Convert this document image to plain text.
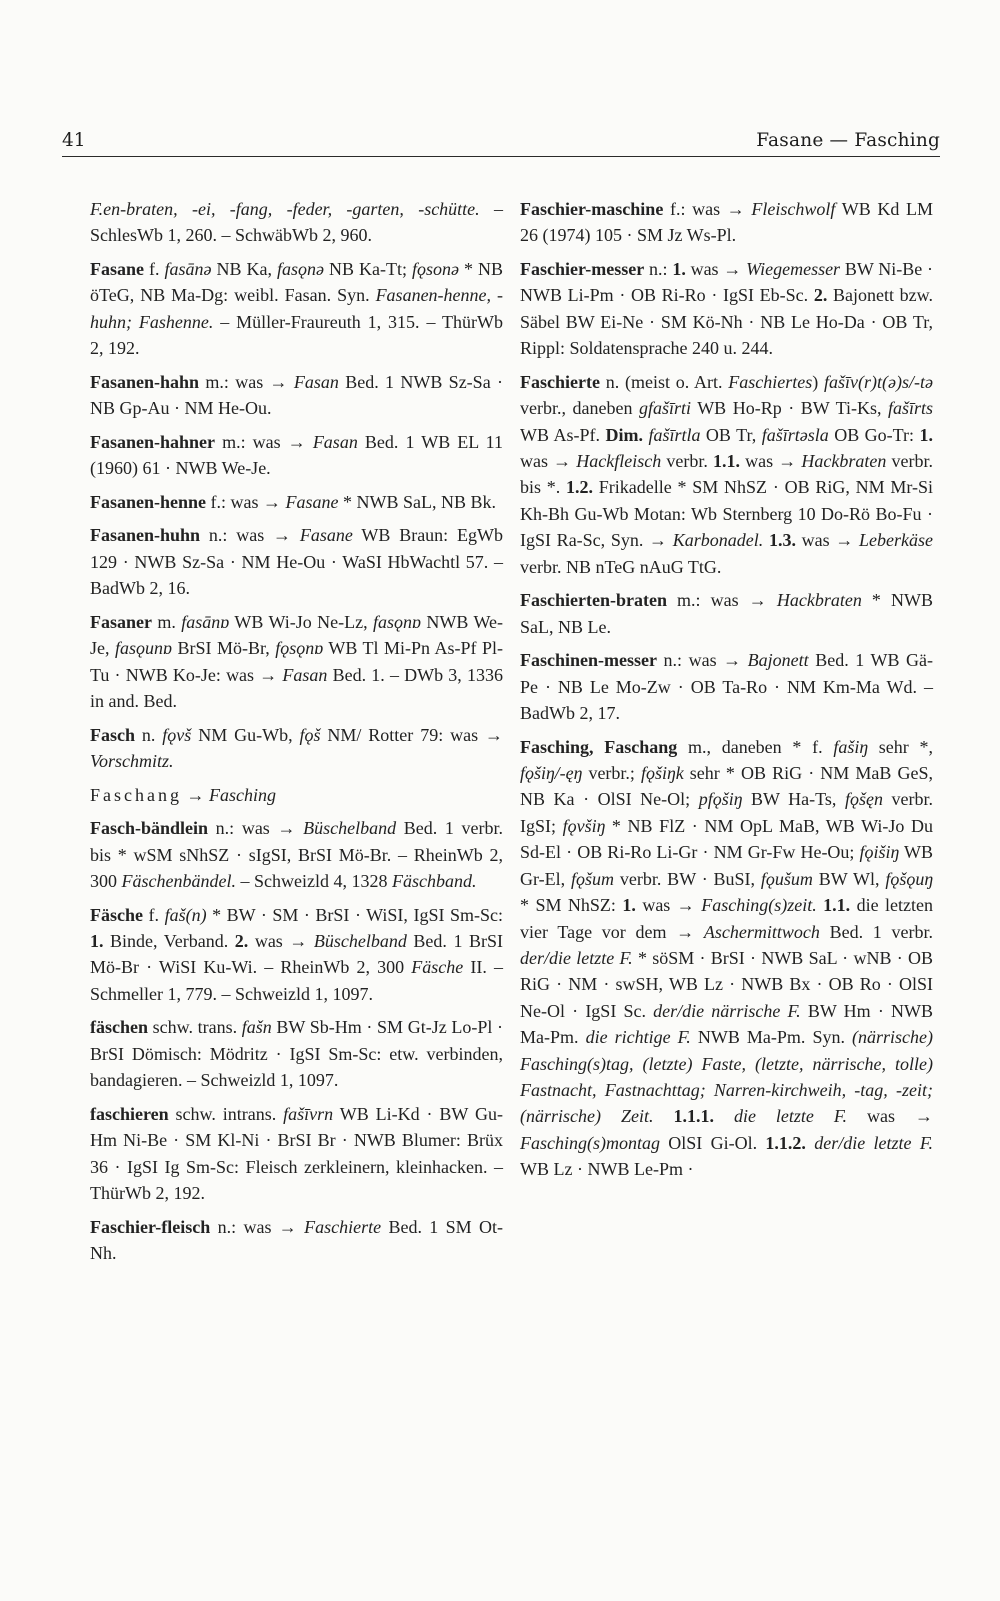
41	Fasane — Fasching

F.en-braten, -ei, -fang, -feder, -garten, -schütte. – SchlesWb 1, 260. – SchwäbWb 2, 960.

Fasane f. fasānə NB Ka, fasǫnə NB Ka-Tt; fǫsonə * NB öTeG, NB Ma-Dg: weibl. Fasan. Syn. Fasanen-henne, -huhn; Fashenne. – Müller-Fraureuth 1, 315. – ThürWb 2, 192.

Fasanen-hahn m.: was → Fasan Bed. 1 NWB Sz-Sa · NB Gp-Au · NM He-Ou.

Fasanen-hahner m.: was → Fasan Bed. 1 WB EL 11 (1960) 61 · NWB We-Je.

Fasanen-henne f.: was → Fasane * NWB SaL, NB Bk.

Fasanen-huhn n.: was → Fasane WB Braun: EgWb 129 · NWB Sz-Sa · NM He-Ou · WaSI HbWachtl 57. – BadWb 2, 16.

Fasaner m. fasānɒ WB Wi-Jo Ne-Lz, fasǫnɒ NWB We-Je, fasǫunɒ BrSI Mö-Br, fǫsǫnɒ WB Tl Mi-Pn As-Pf Pl-Tu · NWB Ko-Je: was → Fasan Bed. 1. – DWb 3, 1336 in and. Bed.

Fasch n. fǫvš NM Gu-Wb, fǫš NM/ Rotter 79: was → Vorschmitz.

Faschang → Fasching

Fasch-bändlein n.: was → Büschelband Bed. 1 verbr. bis * wSM sNhSZ · sIgSI, BrSI Mö-Br. – RheinWb 2, 300 Fäschenbändel. – Schweizld 4, 1328 Fäschband.

Fäsche f. faš(n) * BW · SM · BrSI · WiSI, IgSI Sm-Sc: 1. Binde, Verband. 2. was → Büschelband Bed. 1 BrSI Mö-Br · WiSI Ku-Wi. – RheinWb 2, 300 Fäsche II. – Schmeller 1, 779. – Schweizld 1, 1097.

fäschen schw. trans. fašn BW Sb-Hm · SM Gt-Jz Lo-Pl · BrSI Dömisch: Mödritz · IgSI Sm-Sc: etw. verbinden, bandagieren. – Schweizld 1, 1097.

faschieren schw. intrans. fašīvrn WB Li-Kd · BW Gu-Hm Ni-Be · SM Kl-Ni · BrSI Br · NWB Blumer: Brüx 36 · IgSI Ig Sm-Sc: Fleisch zerkleinern, kleinhacken. – ThürWb 2, 192.

Faschier-fleisch n.: was → Faschierte Bed. 1 SM Ot-Nh.

Faschier-maschine f.: was → Fleischwolf WB Kd LM 26 (1974) 105 · SM Jz Ws-Pl.

Faschier-messer n.: 1. was → Wiegemesser BW Ni-Be · NWB Li-Pm · OB Ri-Ro · IgSI Eb-Sc. 2. Bajonett bzw. Säbel BW Ei-Ne · SM Kö-Nh · NB Le Ho-Da · OB Tr, Rippl: Soldatensprache 240 u. 244.

Faschierte n. (meist o. Art. Faschiertes) fašīv(r)t(ə)s/-tə verbr., daneben gfašīrti WB Ho-Rp · BW Ti-Ks, fašīrts WB As-Pf. Dim. fašīrtla OB Tr, fašīrtəsla OB Go-Tr: 1. was → Hackfleisch verbr. 1.1. was → Hackbraten verbr. bis *. 1.2. Frikadelle * SM NhSZ · OB RiG, NM Mr-Si Kh-Bh Gu-Wb Motan: Wb Sternberg 10 Do-Rö Bo-Fu · IgSI Ra-Sc, Syn. → Karbonadel. 1.3. was → Leberkäse verbr. NB nTeG nAuG TtG.

Faschierten-braten m.: was → Hackbraten * NWB SaL, NB Le.

Faschinen-messer n.: was → Bajonett Bed. 1 WB Gä-Pe · NB Le Mo-Zw · OB Ta-Ro · NM Km-Ma Wd. – BadWb 2, 17.

Fasching, Faschang m., daneben * f. fašiŋ sehr *, fǫšiŋ/-ęŋ verbr.; fǫšiŋk sehr * OB RiG · NM MaB GeS, NB Ka · OlSI Ne-Ol; pfǫšiŋ BW Ha-Ts, fǫšęn verbr. IgSI; fǫvšiŋ * NB FlZ · NM OpL MaB, WB Wi-Jo Du Sd-El · OB Ri-Ro Li-Gr · NM Gr-Fw He-Ou; fǫišiŋ WB Gr-El, fǫšum verbr. BW · BuSI, fǫušum BW Wl, fǫšǫuŋ * SM NhSZ: 1. was → Fasching(s)zeit. 1.1. die letzten vier Tage vor dem → Aschermittwoch Bed. 1 verbr. der/die letzte F. * söSM · BrSI · NWB SaL · wNB · OB RiG · NM · swSH, WB Lz · NWB Bx · OB Ro · OlSI Ne-Ol · IgSI Sc. der/die närrische F. BW Hm · NWB Ma-Pm. die richtige F. NWB Ma-Pm. Syn. (närrische) Fasching(s)tag, (letzte) Faste, (letzte, närrische, tolle) Fastnacht, Fastnachttag; Narren-kirchweih, -tag, -zeit; (närrische) Zeit. 1.1.1. die letzte F. was → Fasching(s)montag OlSI Gi-Ol. 1.1.2. der/die letzte F. WB Lz · NWB Le-Pm ·
